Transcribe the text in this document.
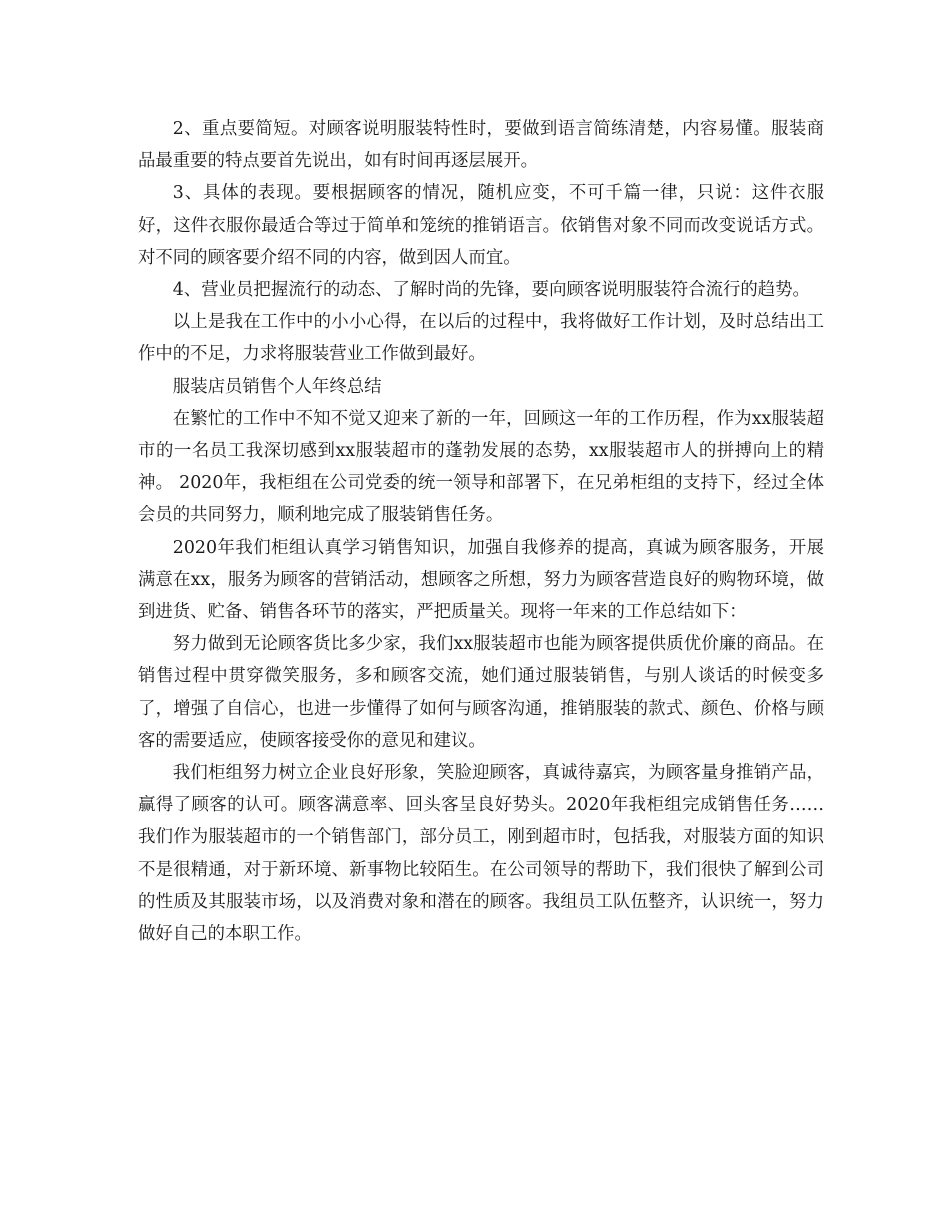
2、重点要简短。对顾客说明服装特性时，要做到语言简练清楚，内容易懂。服装商品最重要的特点要首先说出，如有时间再逐层展开。

3、具体的表现。要根据顾客的情况，随机应变，不可千篇一律，只说：这件衣服好，这件衣服你最适合等过于简单和笼统的推销语言。依销售对象不同而改变说话方式。对不同的顾客要介绍不同的内容，做到因人而宜。

4、营业员把握流行的动态、了解时尚的先锋，要向顾客说明服装符合流行的趋势。

以上是我在工作中的小小心得，在以后的过程中，我将做好工作计划，及时总结出工作中的不足，力求将服装营业工作做到最好。

服装店员销售个人年终总结

在繁忙的工作中不知不觉又迎来了新的一年，回顾这一年的工作历程，作为xx服装超市的一名员工我深切感到xx服装超市的蓬勃发展的态势，xx服装超市人的拼搏向上的精神。 2020年，我柜组在公司党委的统一领导和部署下，在兄弟柜组的支持下，经过全体会员的共同努力，顺利地完成了服装销售任务。

2020年我们柜组认真学习销售知识，加强自我修养的提高，真诚为顾客服务，开展满意在xx，服务为顾客的营销活动，想顾客之所想，努力为顾客营造良好的购物环境，做到进货、贮备、销售各环节的落实，严把质量关。现将一年来的工作总结如下：

努力做到无论顾客货比多少家，我们xx服装超市也能为顾客提供质优价廉的商品。在销售过程中贯穿微笑服务，多和顾客交流，她们通过服装销售，与别人谈话的时候变多了，增强了自信心，也进一步懂得了如何与顾客沟通，推销服装的款式、颜色、价格与顾客的需要适应，使顾客接受你的意见和建议。

我们柜组努力树立企业良好形象，笑脸迎顾客，真诚待嘉宾，为顾客量身推销产品，赢得了顾客的认可。顾客满意率、回头客呈良好势头。2020年我柜组完成销售任务……我们作为服装超市的一个销售部门，部分员工，刚到超市时，包括我，对服装方面的知识不是很精通，对于新环境、新事物比较陌生。在公司领导的帮助下，我们很快了解到公司的性质及其服装市场，以及消费对象和潜在的顾客。我组员工队伍整齐，认识统一，努力做好自己的本职工作。
